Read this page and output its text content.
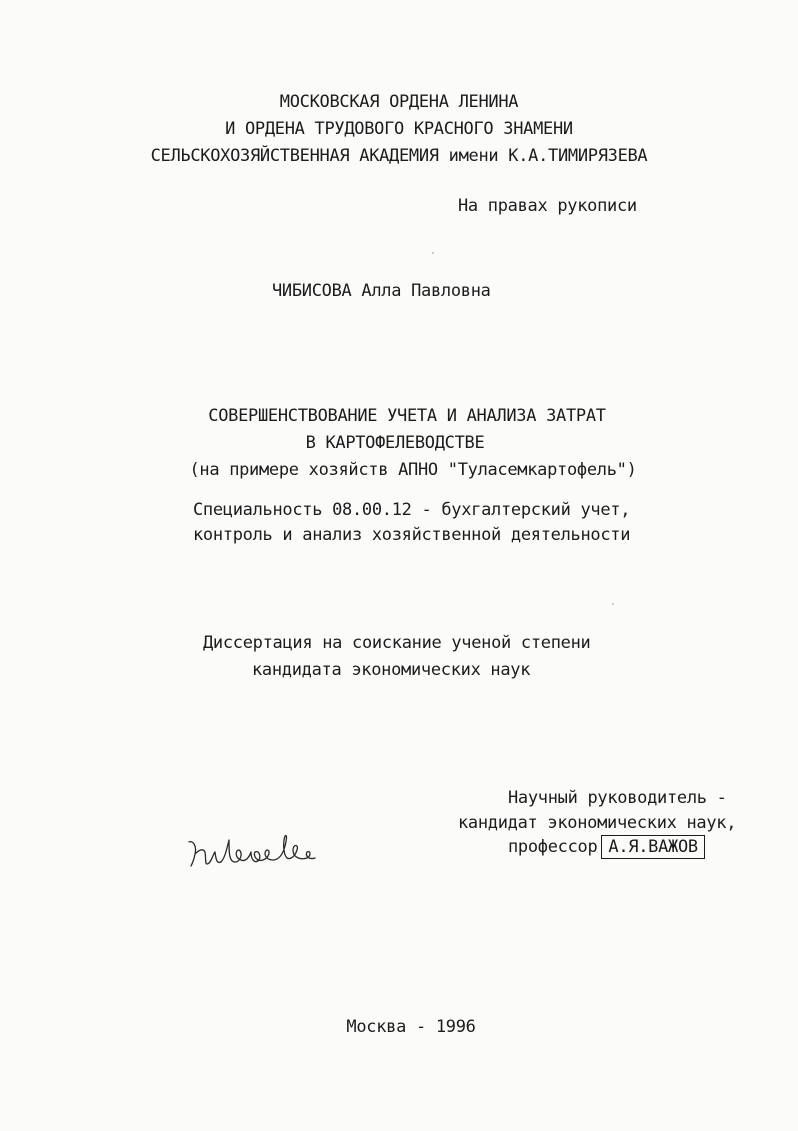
МОСКОВСКАЯ ОРДЕНА ЛЕНИНА
И ОРДЕНА ТРУДОВОГО КРАСНОГО ЗНАМЕНИ
СЕЛЬСКОХОЗЯЙСТВЕННАЯ АКАДЕМИЯ имени К.А.ТИМИРЯЗЕВА
На правах рукописи
ЧИБИСОВА Алла Павловна
СОВЕРШЕНСТВОВАНИЕ УЧЕТА И АНАЛИЗА ЗАТРАТ
В КАРТОФЕЛЕВОДСТВЕ
(на примере хозяйств АПНО "Туласемкартофель")
Специальность 08.00.12 - бухгалтерский учет,
контроль и анализ хозяйственной деятельности
Диссертация на соискание ученой степени
кандидата экономических наук
Научный руководитель -
кандидат экономических наук,
профессор А.Я.ВАЖОВ
Москва - 1996
